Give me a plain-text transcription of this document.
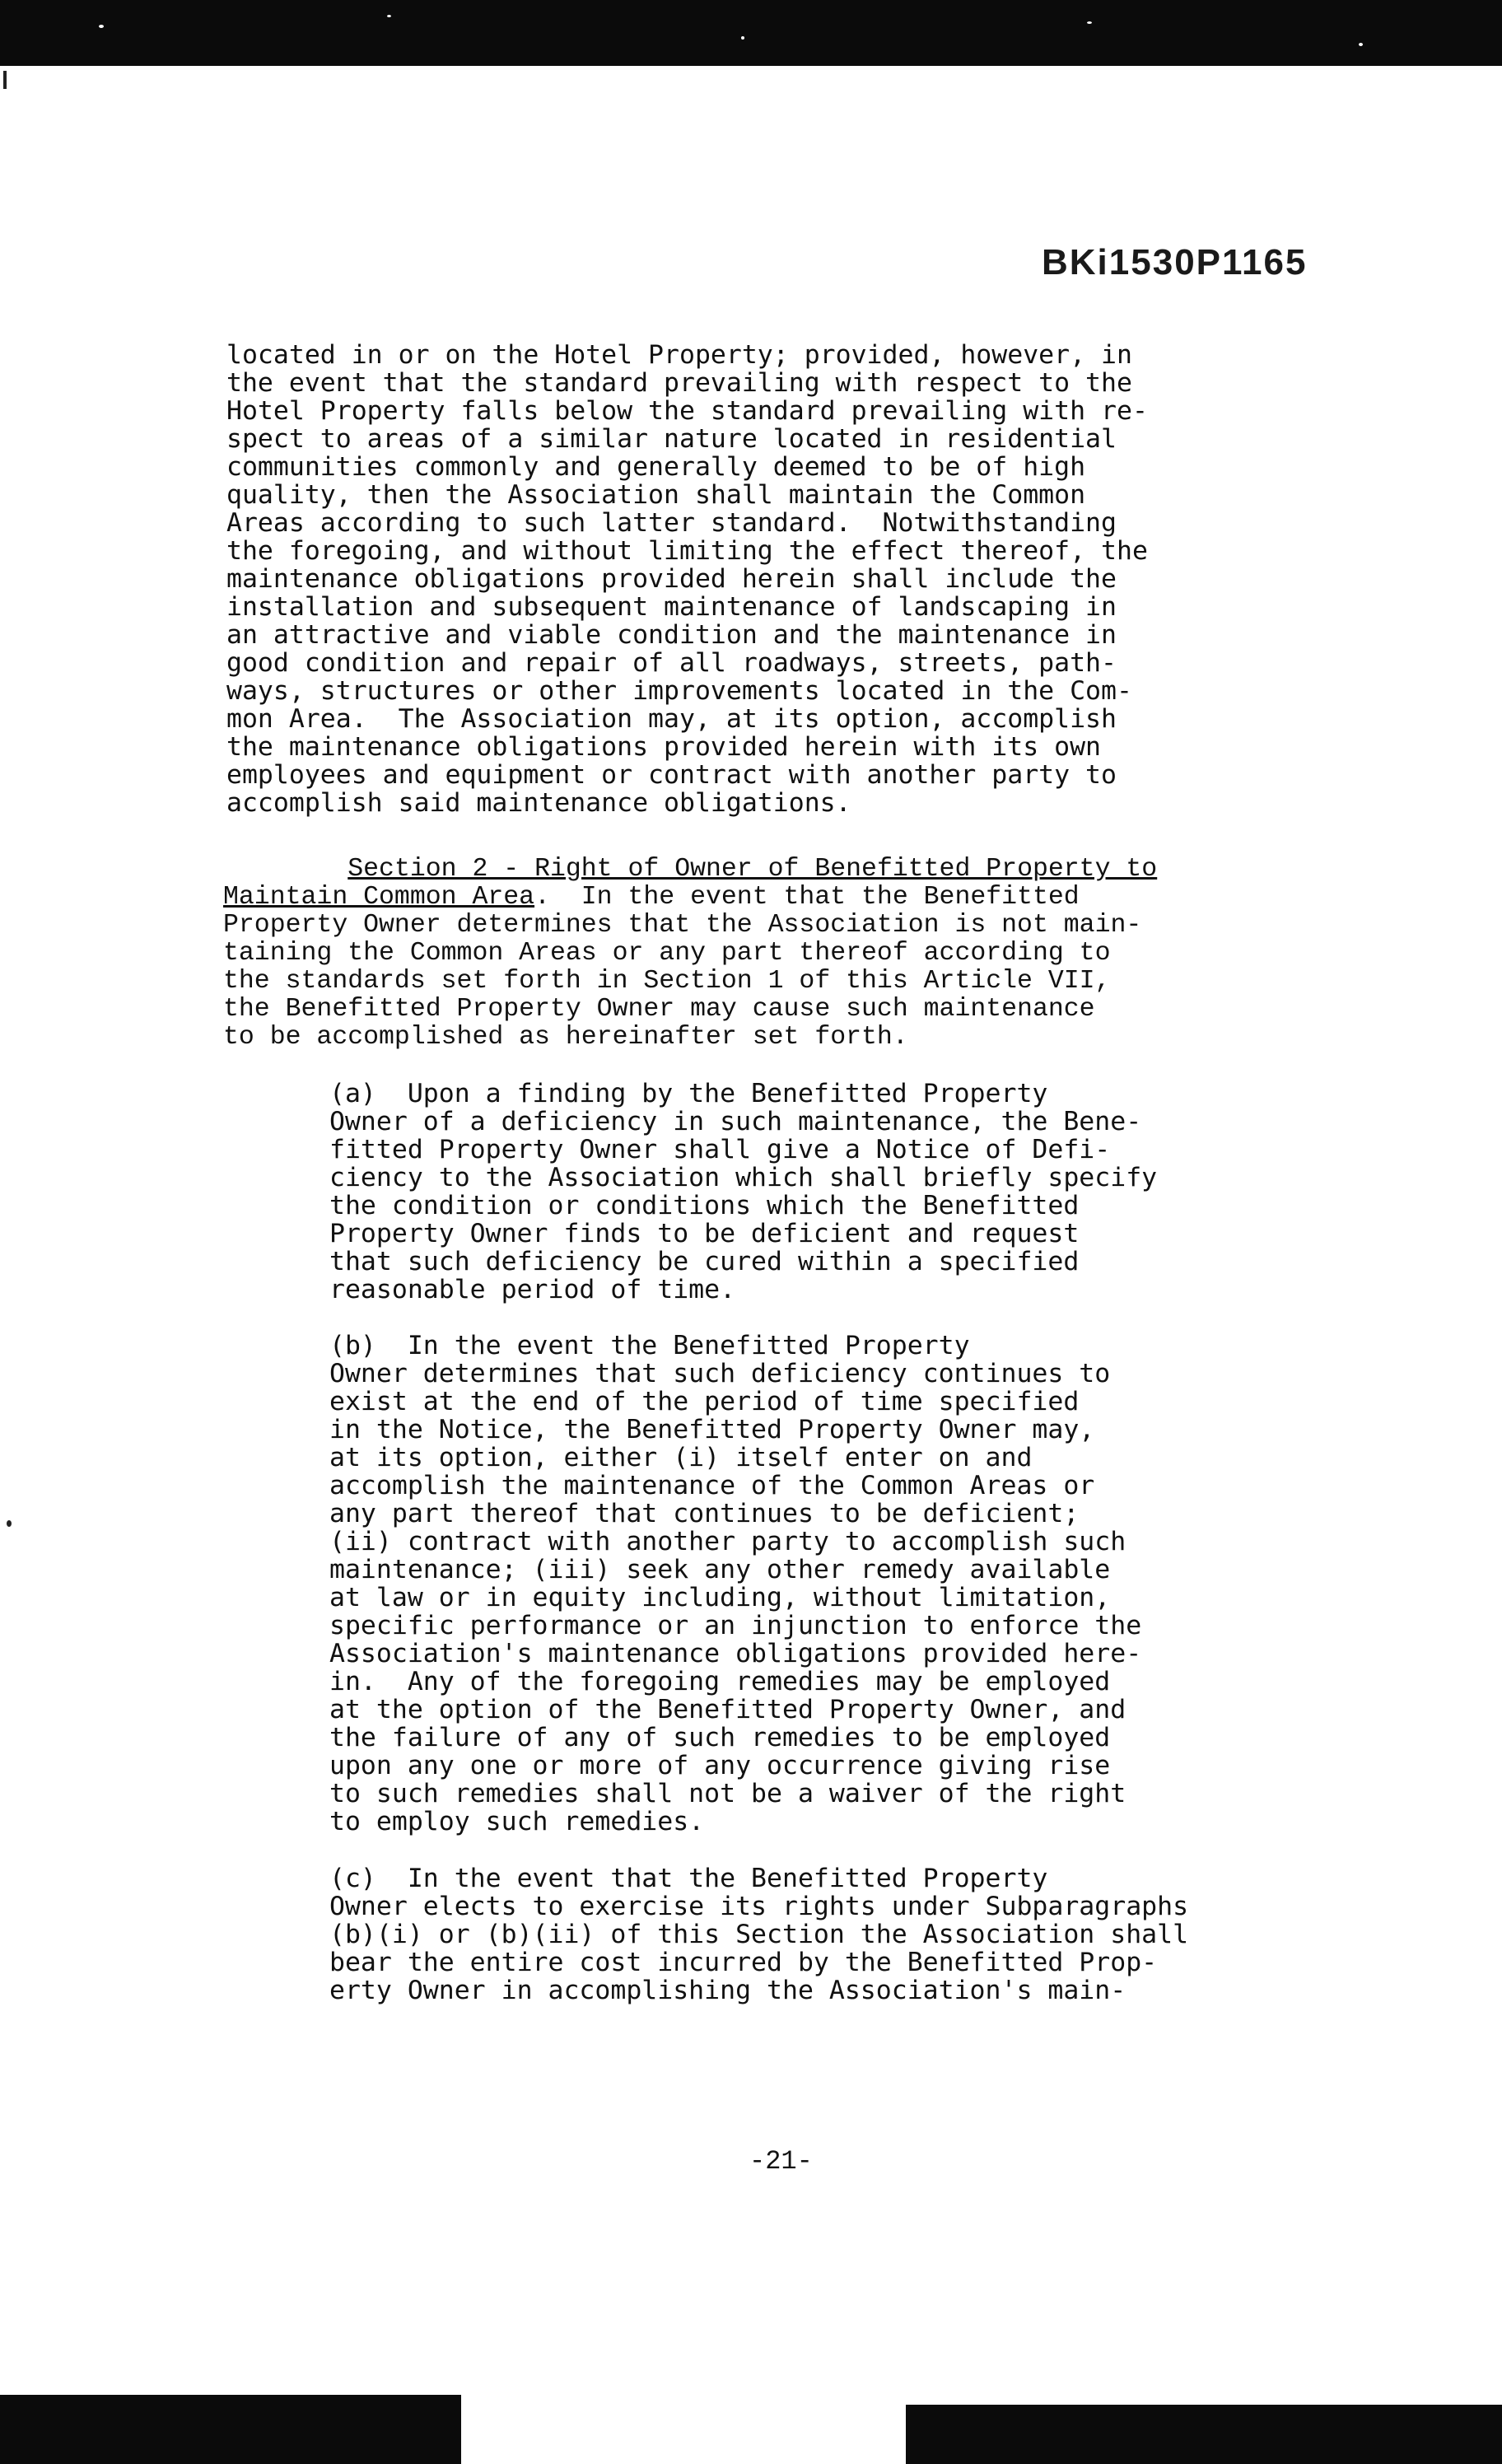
BKi1530P1165
located in or on the Hotel Property; provided, however, in
the event that the standard prevailing with respect to the
Hotel Property falls below the standard prevailing with re-
spect to areas of a similar nature located in residential
communities commonly and generally deemed to be of high
quality, then the Association shall maintain the Common
Areas according to such latter standard.  Notwithstanding
the foregoing, and without limiting the effect thereof, the
maintenance obligations provided herein shall include the
installation and subsequent maintenance of landscaping in
an attractive and viable condition and the maintenance in
good condition and repair of all roadways, streets, path-
ways, structures or other improvements located in the Com-
mon Area.  The Association may, at its option, accomplish
the maintenance obligations provided herein with its own
employees and equipment or contract with another party to
accomplish said maintenance obligations.
Section 2 - Right of Owner of Benefitted Property to
Maintain Common Area.  In the event that the Benefitted
Property Owner determines that the Association is not main-
taining the Common Areas or any part thereof according to
the standards set forth in Section 1 of this Article VII,
the Benefitted Property Owner may cause such maintenance
to be accomplished as hereinafter set forth.
(a)  Upon a finding by the Benefitted Property
Owner of a deficiency in such maintenance, the Bene-
fitted Property Owner shall give a Notice of Defi-
ciency to the Association which shall briefly specify
the condition or conditions which the Benefitted
Property Owner finds to be deficient and request
that such deficiency be cured within a specified
reasonable period of time.
(b)  In the event the Benefitted Property
Owner determines that such deficiency continues to
exist at the end of the period of time specified
in the Notice, the Benefitted Property Owner may,
at its option, either (i) itself enter on and
accomplish the maintenance of the Common Areas or
any part thereof that continues to be deficient;
(ii) contract with another party to accomplish such
maintenance; (iii) seek any other remedy available
at law or in equity including, without limitation,
specific performance or an injunction to enforce the
Association's maintenance obligations provided here-
in.  Any of the foregoing remedies may be employed
at the option of the Benefitted Property Owner, and
the failure of any of such remedies to be employed
upon any one or more of any occurrence giving rise
to such remedies shall not be a waiver of the right
to employ such remedies.
(c)  In the event that the Benefitted Property
Owner elects to exercise its rights under Subparagraphs
(b)(i) or (b)(ii) of this Section the Association shall
bear the entire cost incurred by the Benefitted Prop-
erty Owner in accomplishing the Association's main-
-21-
